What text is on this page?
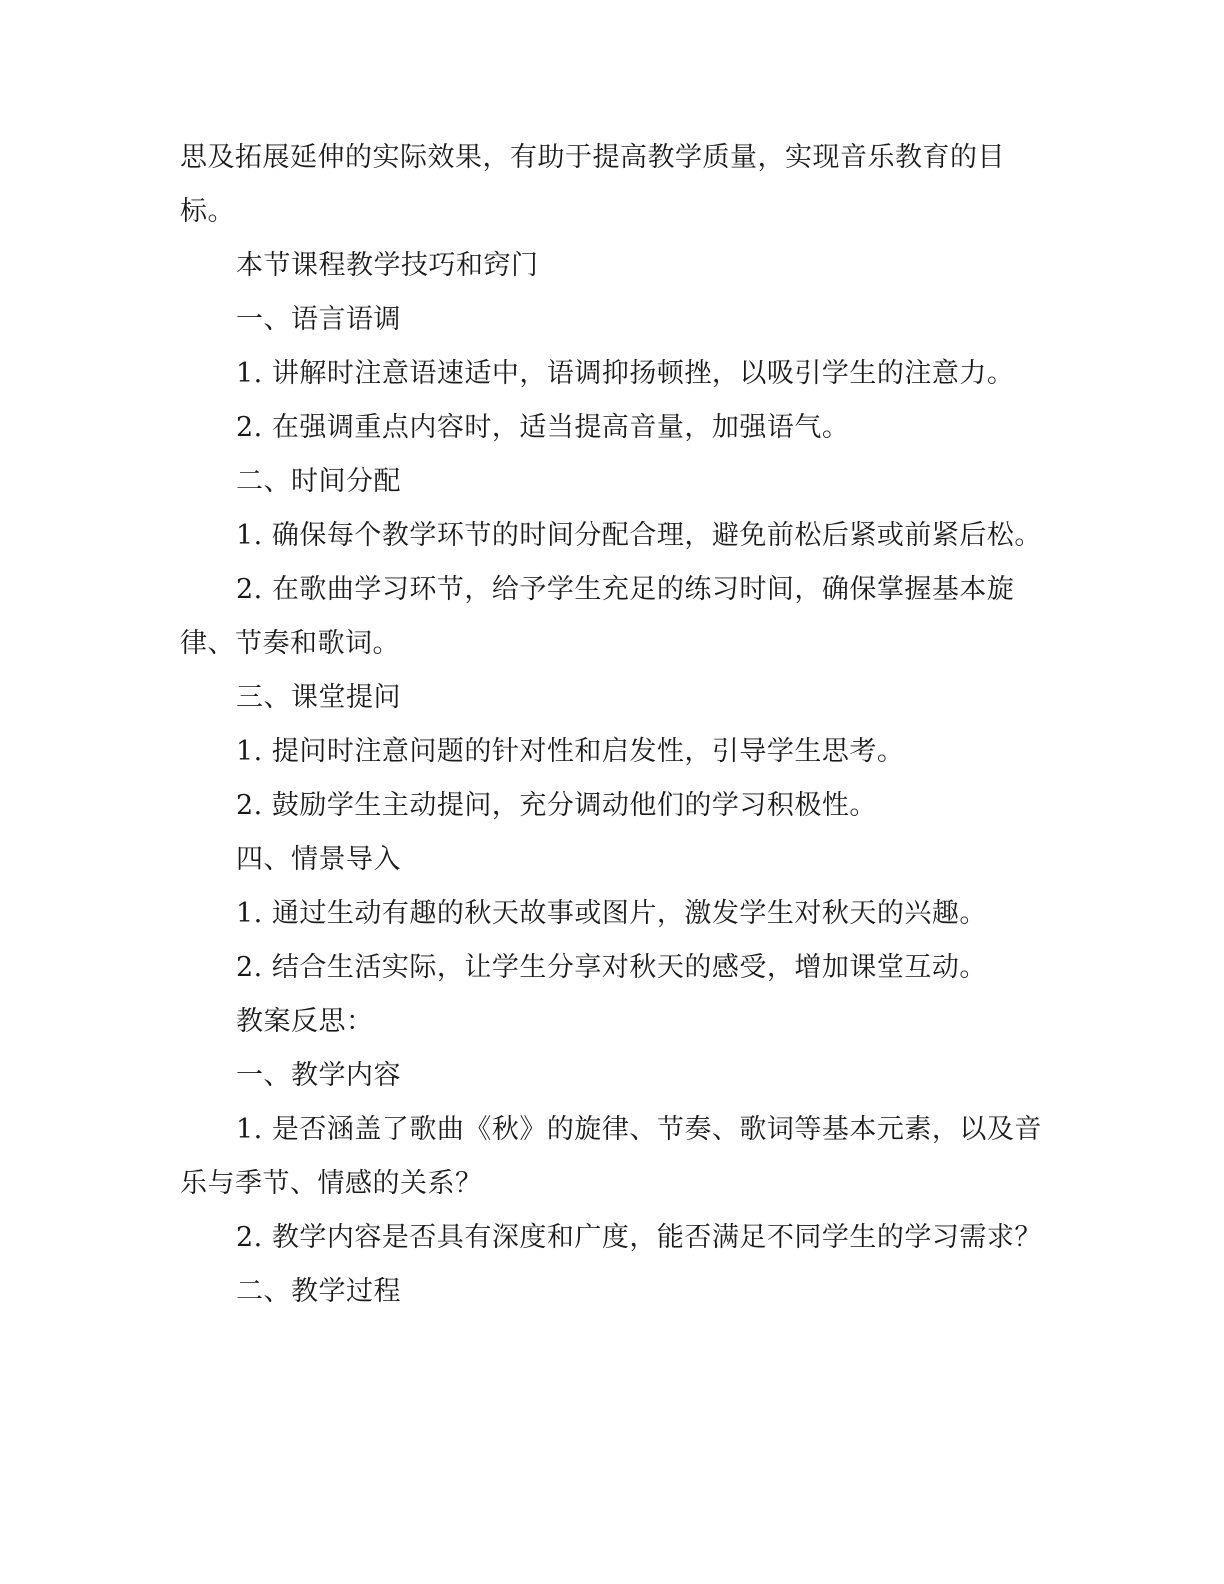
思及拓展延伸的实际效果，有助于提高教学质量，实现音乐教育的目标。

本节课程教学技巧和窍门

一、语言语调

1. 讲解时注意语速适中，语调抑扬顿挫，以吸引学生的注意力。

2. 在强调重点内容时，适当提高音量，加强语气。

二、时间分配

1. 确保每个教学环节的时间分配合理，避免前松后紧或前紧后松。

2. 在歌曲学习环节，给予学生充足的练习时间，确保掌握基本旋律、节奏和歌词。

三、课堂提问

1. 提问时注意问题的针对性和启发性，引导学生思考。

2. 鼓励学生主动提问，充分调动他们的学习积极性。

四、情景导入

1. 通过生动有趣的秋天故事或图片，激发学生对秋天的兴趣。

2. 结合生活实际，让学生分享对秋天的感受，增加课堂互动。

教案反思：

一、教学内容

1. 是否涵盖了歌曲《秋》的旋律、节奏、歌词等基本元素，以及音乐与季节、情感的关系？

2. 教学内容是否具有深度和广度，能否满足不同学生的学习需求？

二、教学过程
